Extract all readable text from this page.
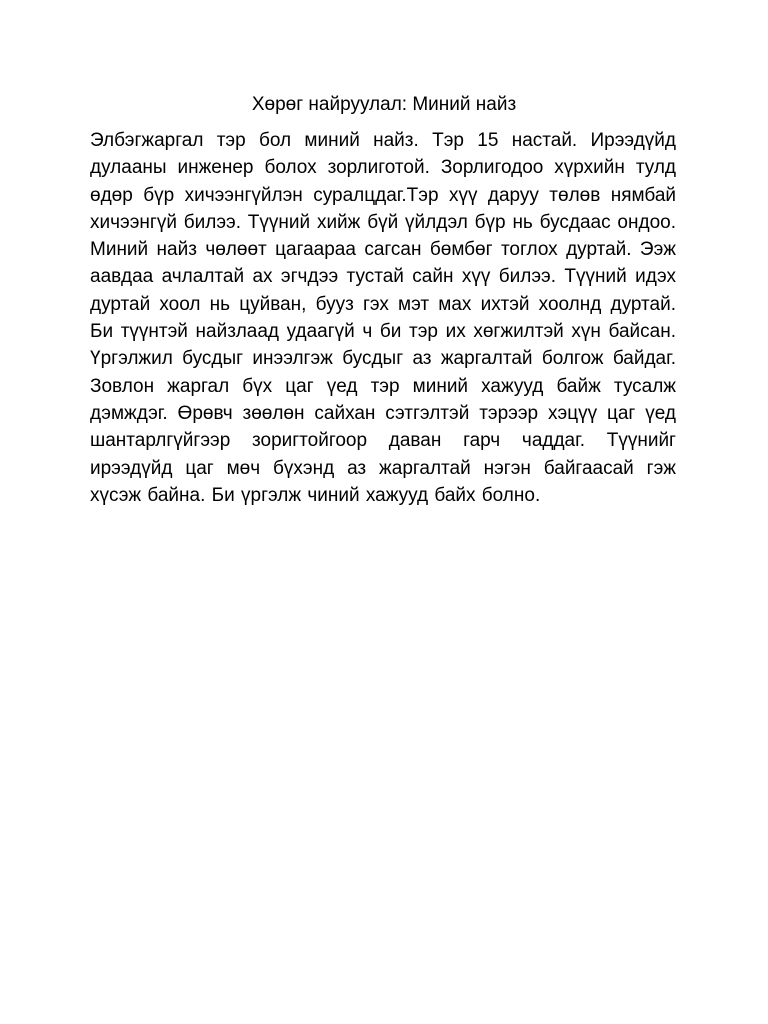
Хөрөг найруулал: Миний найз

Элбэгжаргал тэр бол миний найз. Тэр 15 настай. Ирээдүйд дулааны инженер болох зорлиготой. Зорлигодоо хүрхийн тулд өдөр бүр хичээнгүйлэн суралцдаг.Тэр хүү даруу төлөв нямбай хичээнгүй билээ. Түүний хийж бүй үйлдэл бүр нь бусдаас ондоо. Миний найз чөлөөт цагаараа сагсан бөмбөг тоглох дуртай. Ээж аавдаа ачлалтай ах эгчдээ тустай сайн хүү билээ. Түүний идэх дуртай хоол нь цуйван, бууз гэх мэт мах ихтэй хоолнд дуртай. Би түүнтэй найзлаад удаагүй ч би тэр их хөгжилтэй хүн байсан. Үргэлжил бусдыг инээлгэж бусдыг аз жаргалтай болгож байдаг. Зовлон жаргал бүх цаг үед тэр миний хажууд байж тусалж дэмждэг. Өрөвч зөөлөн сайхан сэтгэлтэй тэрээр хэцүү цаг үед шантарлгүйгээр зоригтойгоор даван гарч чаддаг. Түүнийг ирээдүйд цаг мөч бүхэнд аз жаргалтай нэгэн байгаасай гэж хүсэж байна. Би үргэлж чиний хажууд байх болно.
